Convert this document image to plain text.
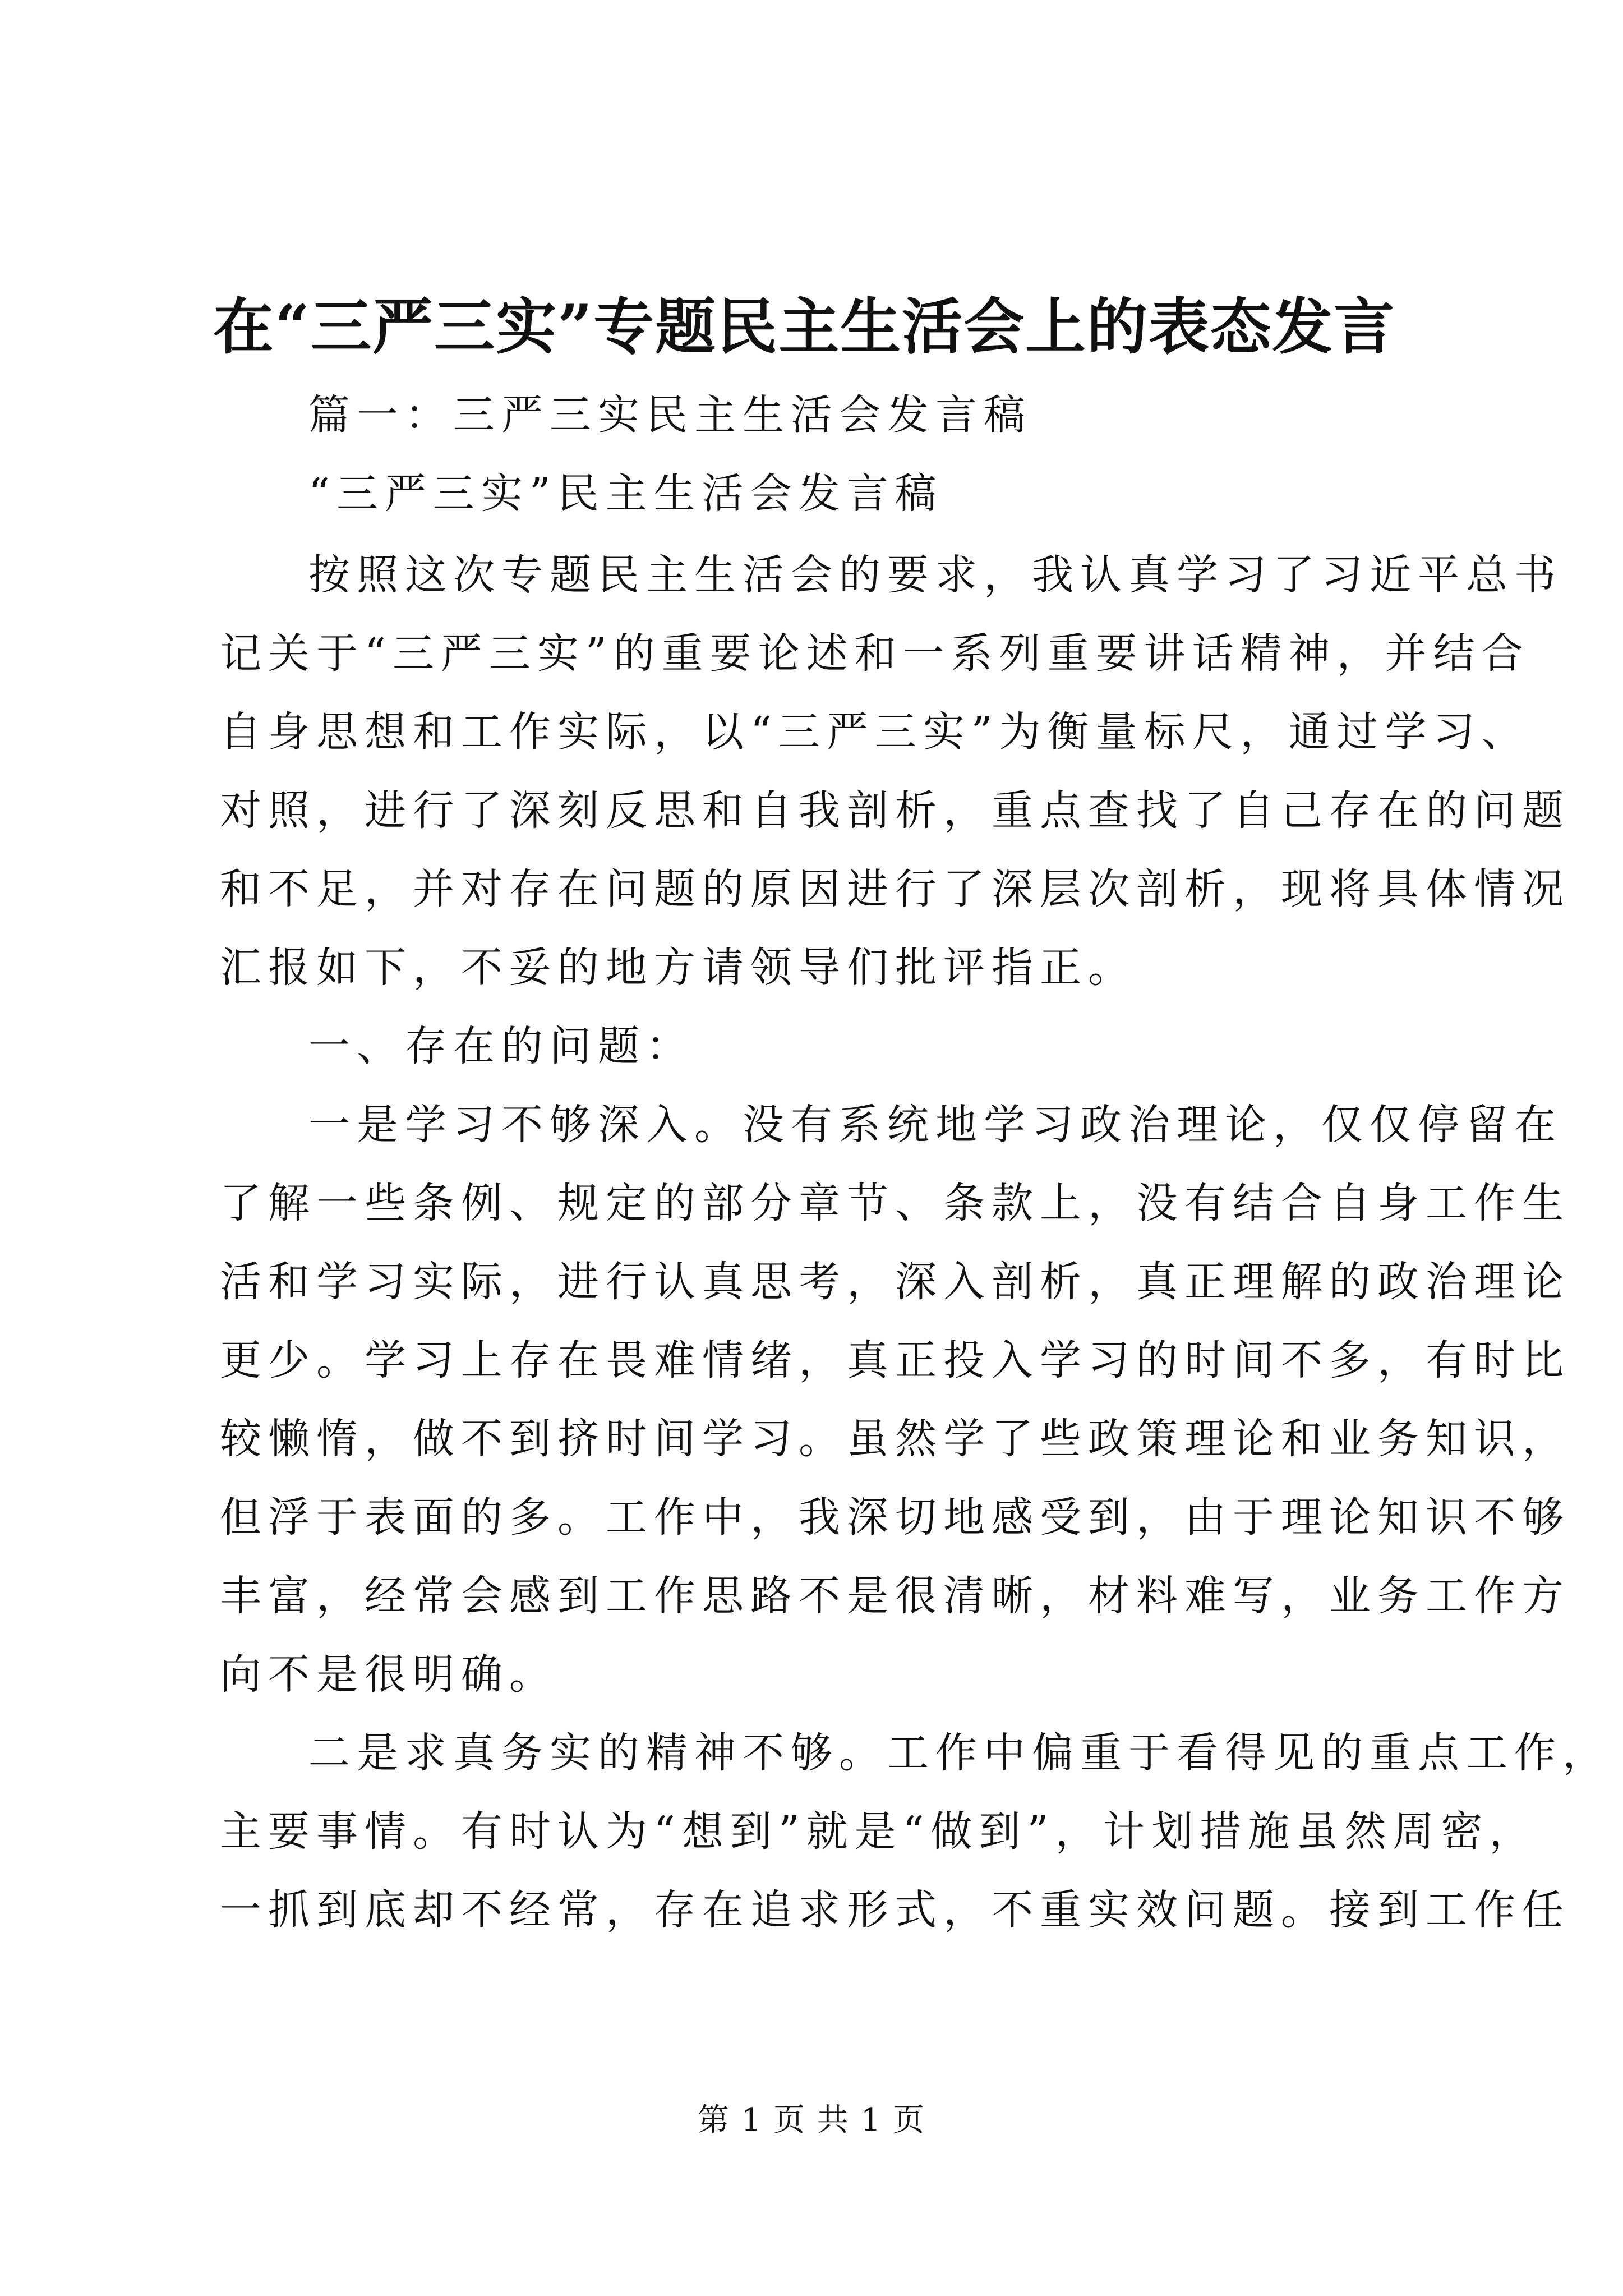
在“三严三实”专题民主生活会上的表态发言
篇一：三严三实民主生活会发言稿
“三严三实”民主生活会发言稿
按照这次专题民主生活会的要求，我认真学习了习近平总书
记关于“三严三实”的重要论述和一系列重要讲话精神，并结合
自身思想和工作实际，以“三严三实”为衡量标尺，通过学习、
对照，进行了深刻反思和自我剖析，重点查找了自己存在的问题
和不足，并对存在问题的原因进行了深层次剖析，现将具体情况
汇报如下，不妥的地方请领导们批评指正。
一、存在的问题：
一是学习不够深入。没有系统地学习政治理论，仅仅停留在
了解一些条例、规定的部分章节、条款上，没有结合自身工作生
活和学习实际，进行认真思考，深入剖析，真正理解的政治理论
更少。学习上存在畏难情绪，真正投入学习的时间不多，有时比
较懒惰，做不到挤时间学习。虽然学了些政策理论和业务知识，
但浮于表面的多。工作中，我深切地感受到，由于理论知识不够
丰富，经常会感到工作思路不是很清晰，材料难写，业务工作方
向不是很明确。
二是求真务实的精神不够。工作中偏重于看得见的重点工作，
主要事情。有时认为“想到”就是“做到”，计划措施虽然周密，
一抓到底却不经常，存在追求形式，不重实效问题。接到工作任
第 1 页 共 1 页
